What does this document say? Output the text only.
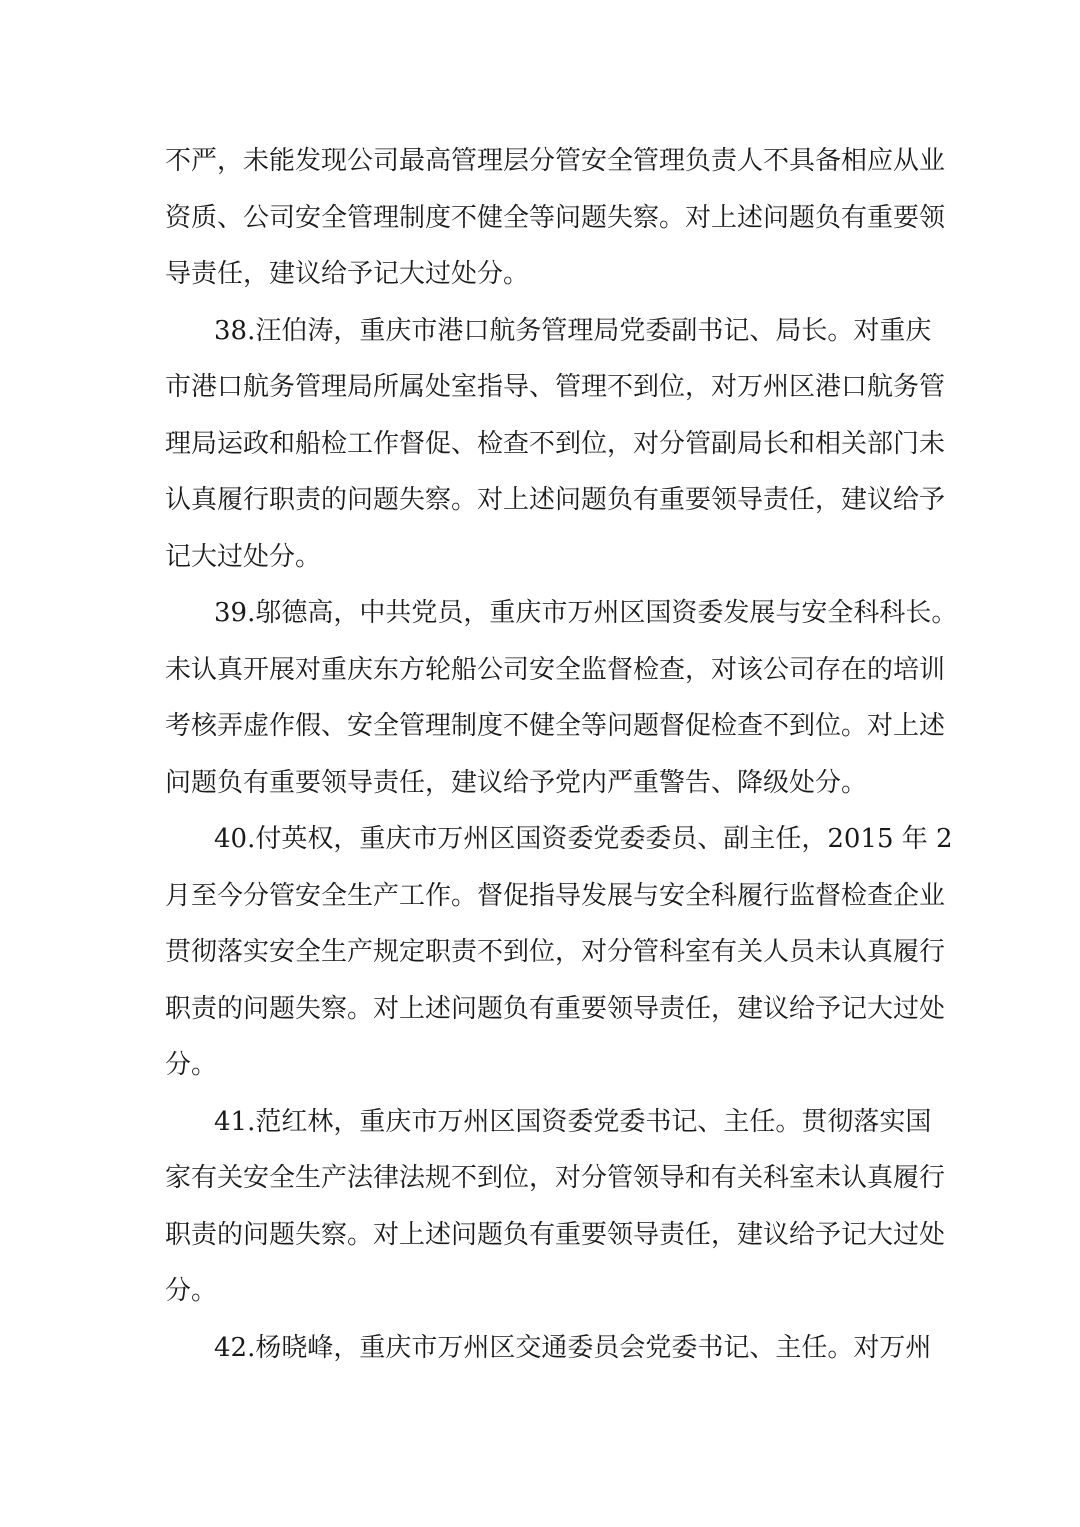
不严，未能发现公司最高管理层分管安全管理负责人不具备相应从业
资质、公司安全管理制度不健全等问题失察。对上述问题负有重要领
导责任，建议给予记大过处分。
38.汪伯涛，重庆市港口航务管理局党委副书记、局长。对重庆
市港口航务管理局所属处室指导、管理不到位，对万州区港口航务管
理局运政和船检工作督促、检查不到位，对分管副局长和相关部门未
认真履行职责的问题失察。对上述问题负有重要领导责任，建议给予
记大过处分。
39.邬德高，中共党员，重庆市万州区国资委发展与安全科科长。
未认真开展对重庆东方轮船公司安全监督检查，对该公司存在的培训
考核弄虚作假、安全管理制度不健全等问题督促检查不到位。对上述
问题负有重要领导责任，建议给予党内严重警告、降级处分。
40.付英权，重庆市万州区国资委党委委员、副主任，2015 年 2
月至今分管安全生产工作。督促指导发展与安全科履行监督检查企业
贯彻落实安全生产规定职责不到位，对分管科室有关人员未认真履行
职责的问题失察。对上述问题负有重要领导责任，建议给予记大过处
分。
41.范红林，重庆市万州区国资委党委书记、主任。贯彻落实国
家有关安全生产法律法规不到位，对分管领导和有关科室未认真履行
职责的问题失察。对上述问题负有重要领导责任，建议给予记大过处
分。
42.杨晓峰，重庆市万州区交通委员会党委书记、主任。对万州
